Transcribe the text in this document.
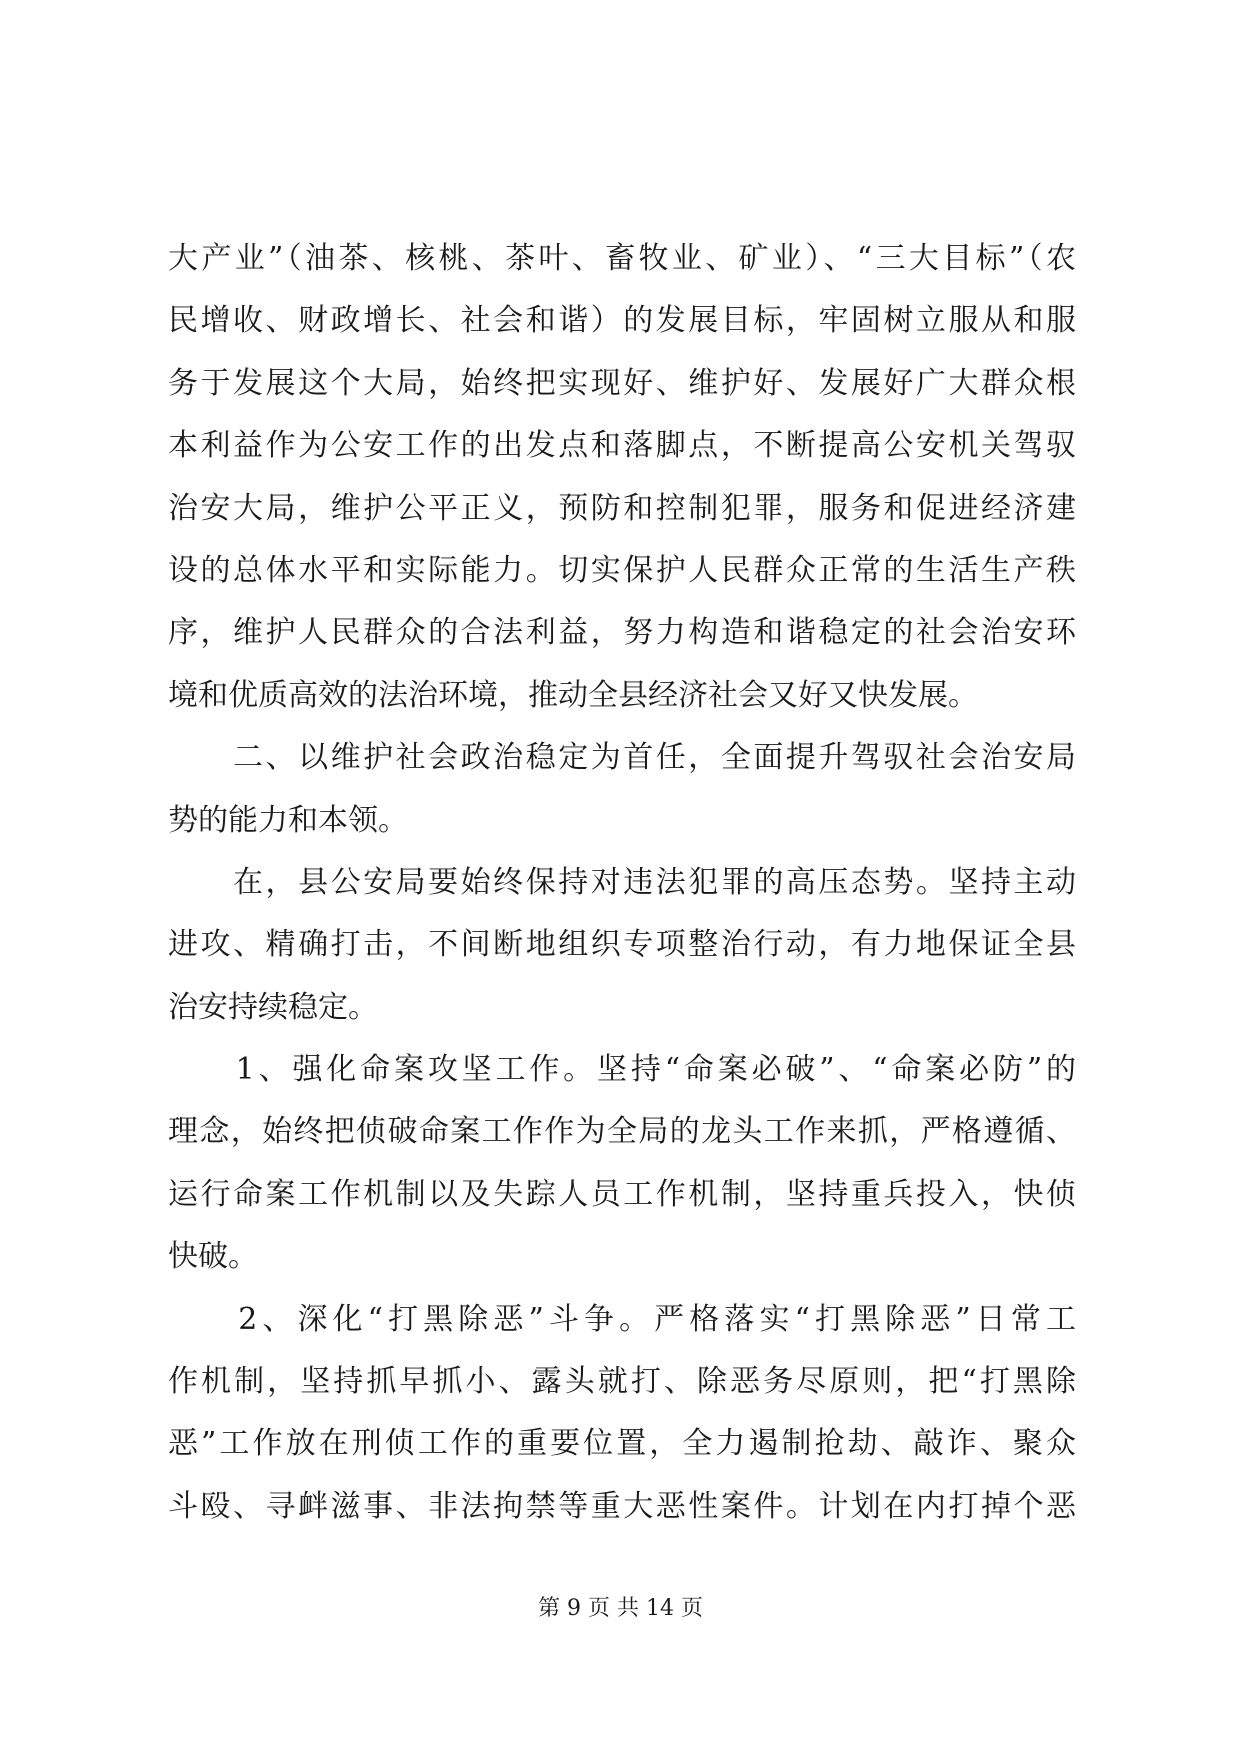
大产业”（油茶、核桃、茶叶、畜牧业、矿业）、“三大目标”（农
民增收、财政增长、社会和谐）的发展目标，牢固树立服从和服
务于发展这个大局，始终把实现好、维护好、发展好广大群众根
本利益作为公安工作的出发点和落脚点，不断提高公安机关驾驭
治安大局，维护公平正义，预防和控制犯罪，服务和促进经济建
设的总体水平和实际能力。切实保护人民群众正常的生活生产秩
序，维护人民群众的合法利益，努力构造和谐稳定的社会治安环
境和优质高效的法治环境，推动全县经济社会又好又快发展。
　　二、以维护社会政治稳定为首任，全面提升驾驭社会治安局
势的能力和本领。
　　在，县公安局要始终保持对违法犯罪的高压态势。坚持主动
进攻、精确打击，不间断地组织专项整治行动，有力地保证全县
治安持续稳定。
　　1、强化命案攻坚工作。坚持“命案必破”、“命案必防”的
理念，始终把侦破命案工作作为全局的龙头工作来抓，严格遵循、
运行命案工作机制以及失踪人员工作机制，坚持重兵投入，快侦
快破。
　　2、深化“打黑除恶”斗争。严格落实“打黑除恶”日常工
作机制，坚持抓早抓小、露头就打、除恶务尽原则，把“打黑除
恶”工作放在刑侦工作的重要位置，全力遏制抢劫、敲诈、聚众
斗殴、寻衅滋事、非法拘禁等重大恶性案件。计划在内打掉个恶
第 9 页 共 14 页
